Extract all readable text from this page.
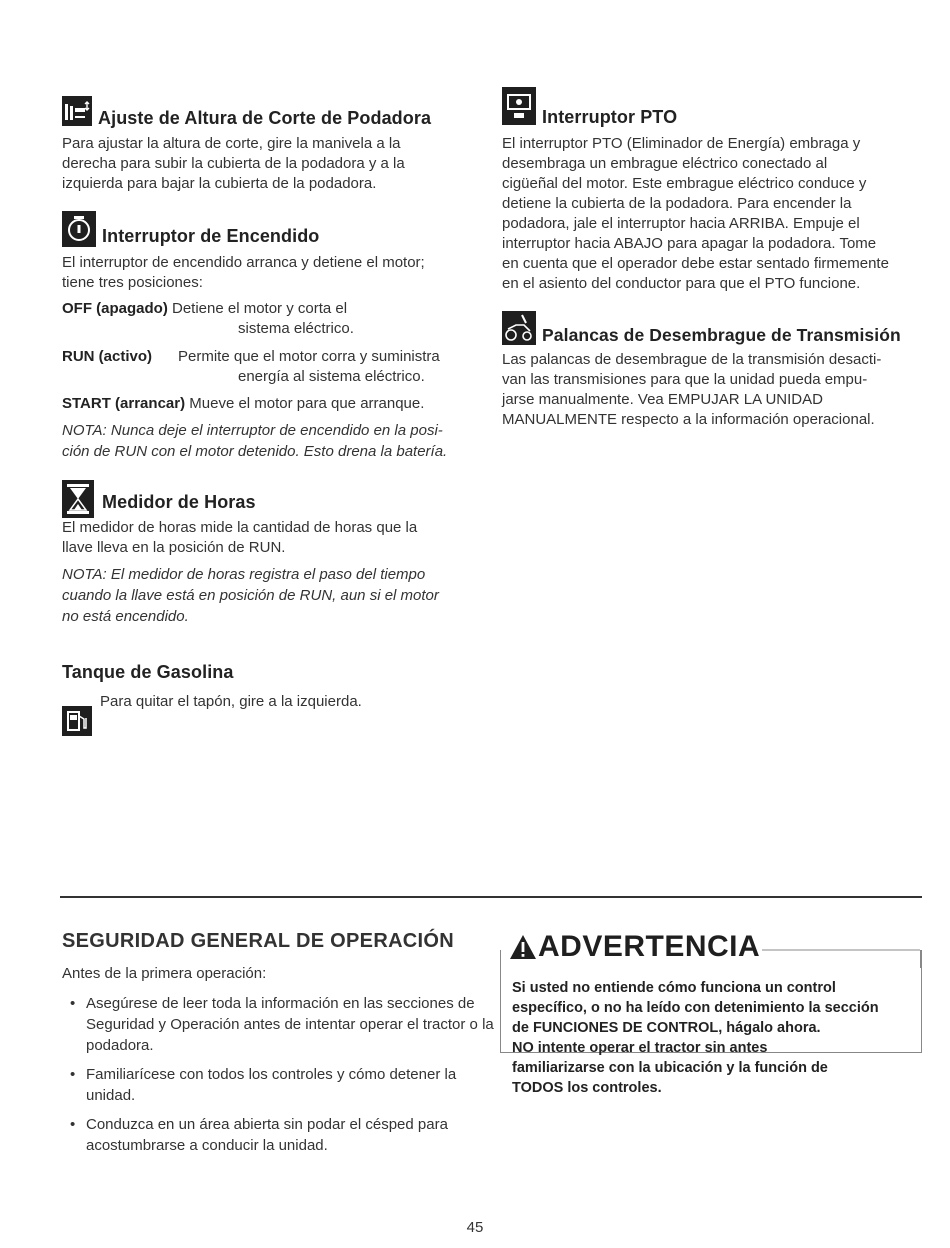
Ajuste de Altura de Corte de Podadora

Para ajustar la altura de corte, gire la manivela a la
derecha para subir la cubierta de la podadora y a la
izquierda para bajar la cubierta de la podadora.

Interruptor de Encendido

El interruptor de encendido arranca y detiene el motor;
tiene tres posiciones:

OFF (apagado) Detiene el motor y corta el
sistema eléctrico.
RUN (activo) Permite que el motor corra y suministra
energía al sistema eléctrico.
START (arrancar) Mueve el motor para que arranque.

NOTA: Nunca deje el interruptor de encendido en la posi-
ción de RUN con el motor detenido. Esto drena la batería.

Medidor de Horas

El medidor de horas mide la cantidad de horas que la
llave lleva en la posición de RUN.

NOTA: El medidor de horas registra el paso del tiempo
cuando la llave está en posición de RUN, aun si el motor
no está encendido.

Tanque de Gasolina

Para quitar el tapón, gire a la izquierda.

Interruptor PTO

El interruptor PTO (Eliminador de Energía) embraga y
desembraga un embrague eléctrico conectado al
cigüeñal del motor. Este embrague eléctrico conduce y
detiene la cubierta de la podadora. Para encender la
podadora, jale el interruptor hacia ARRIBA. Empuje el
interruptor hacia ABAJO para apagar la podadora. Tome
en cuenta que el operador debe estar sentado firmemente
en el asiento del conductor para que el PTO funcione.

Palancas de Desembrague de Transmisión

Las palancas de desembrague de la transmisión desacti-
van las transmisiones para que la unidad pueda empu-
jarse manualmente. Vea EMPUJAR LA UNIDAD
MANUALMENTE respecto a la información operacional.

SEGURIDAD GENERAL DE OPERACIÓN

Antes de la primera operación:

• Asegúrese de leer toda la información en las secciones de Seguridad y Operación antes de intentar operar el tractor o la podadora.
• Familiarícese con todos los controles y cómo detener la unidad.
• Conduzca en un área abierta sin podar el césped para acostumbrarse a conducir la unidad.
ADVERTENCIA

Si usted no entiende cómo funciona un control
específico, o no ha leído con detenimiento la sección
de FUNCIONES DE CONTROL, hágalo ahora.
NO intente operar el tractor sin antes
familiarizarse con la ubicación y la función de
TODOS los controles.

45
